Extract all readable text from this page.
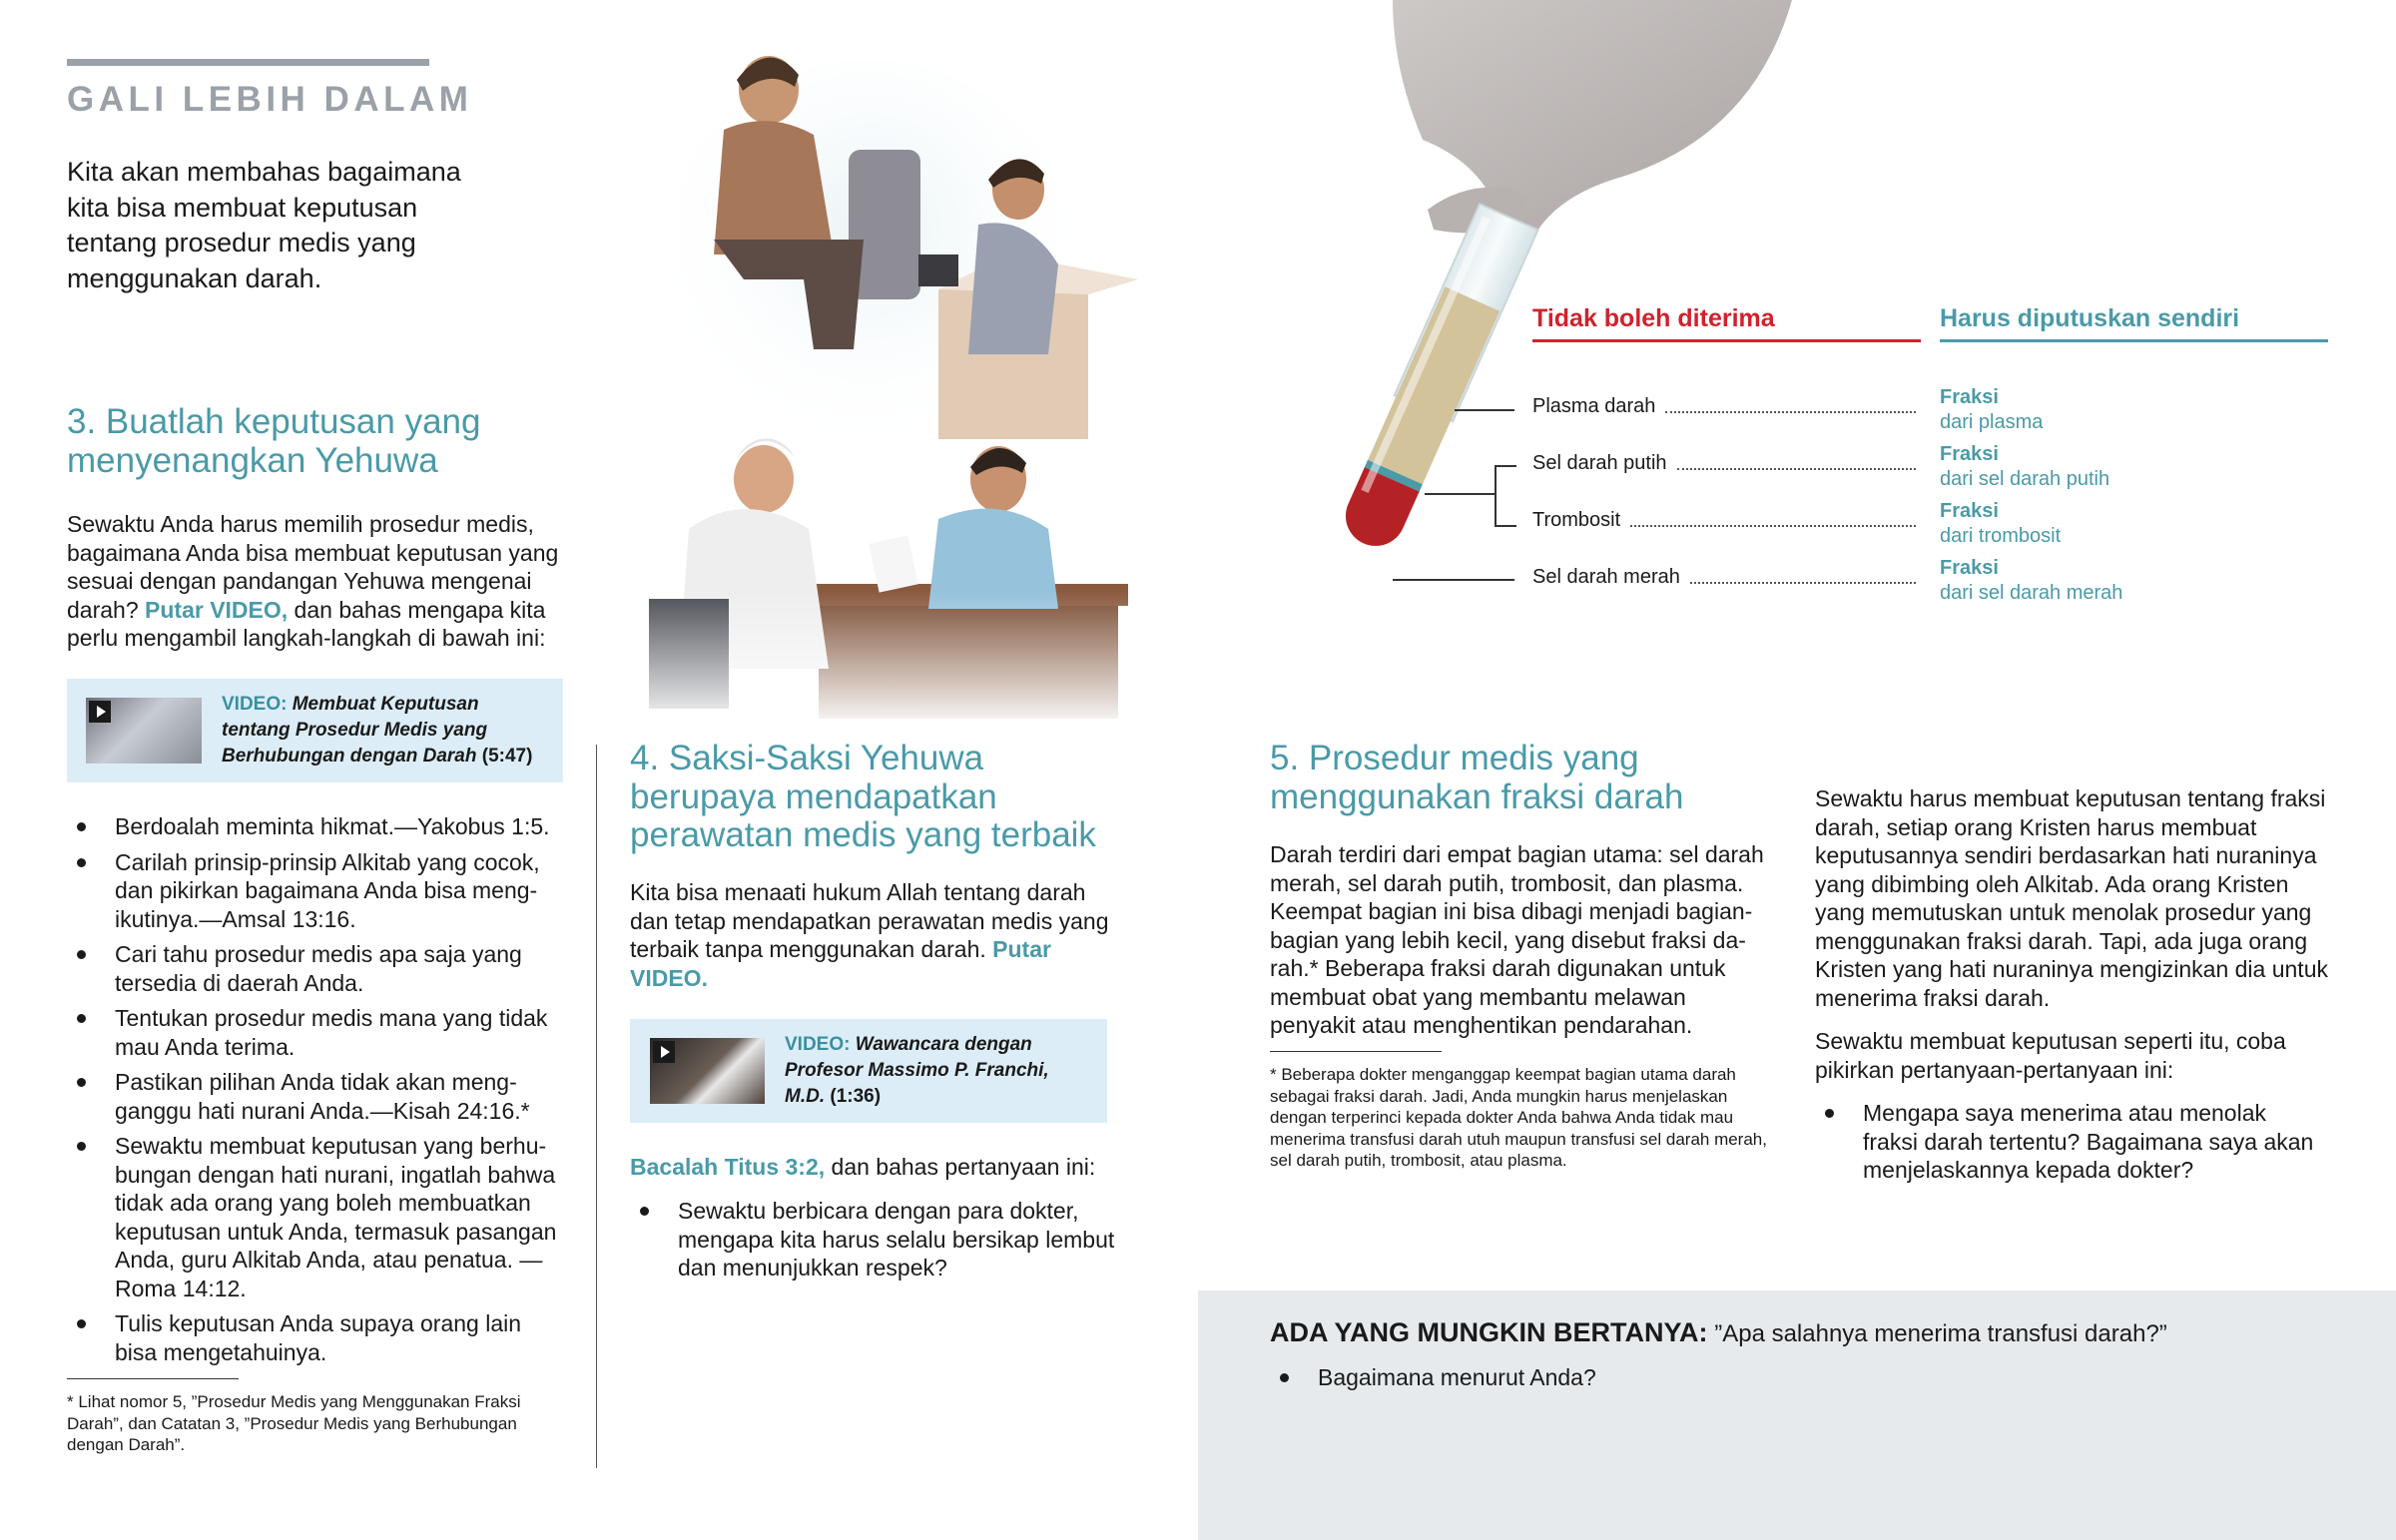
GALI LEBIH DALAM
Kita akan membahas bagaimana kita bisa membuat keputusan tentang prosedur medis yang menggunakan darah.
3. Buatlah keputusan yang menyenangkan Yehuwa
Sewaktu Anda harus memilih prosedur medis, bagaimana Anda bisa membuat keputusan yang sesuai dengan pandangan Yehuwa mengenai darah? Putar VIDEO, dan bahas mengapa kita perlu mengambil langkah-langkah di bawah ini:
VIDEO: Membuat Keputusan tentang Prosedur Medis yang Berhubungan dengan Darah (5:47)
Berdoalah meminta hikmat.—Yakobus 1:5.
Carilah prinsip-prinsip Alkitab yang cocok, dan pikirkan bagaimana Anda bisa meng-ikutinya.—Amsal 13:16.
Cari tahu prosedur medis apa saja yang tersedia di daerah Anda.
Tentukan prosedur medis mana yang tidak mau Anda terima.
Pastikan pilihan Anda tidak akan meng-ganggu hati nurani Anda.—Kisah 24:16.*
Sewaktu membuat keputusan yang berhu-bungan dengan hati nurani, ingatlah bahwa tidak ada orang yang boleh membuatkan keputusan untuk Anda, termasuk pasangan Anda, guru Alkitab Anda, atau penatua. —Roma 14:12.
Tulis keputusan Anda supaya orang lain bisa mengetahuinya.
* Lihat nomor 5, ”Prosedur Medis yang Menggunakan Fraksi Darah”, dan Catatan 3, ”Prosedur Medis yang Berhubungan dengan Darah”.
4. Saksi-Saksi Yehuwa berupaya mendapatkan perawatan medis yang terbaik
Kita bisa menaati hukum Allah tentang darah dan tetap mendapatkan perawatan medis yang terbaik tanpa menggunakan darah. Putar VIDEO.
VIDEO: Wawancara dengan Profesor Massimo P. Franchi, M.D. (1:36)
Bacalah Titus 3:2, dan bahas pertanyaan ini:
Sewaktu berbicara dengan para dokter, mengapa kita harus selalu bersikap lembut dan menunjukkan respek?
Tidak boleh diterima	Harus diputuskan sendiri
Plasma darah
Sel darah putih
Trombosit
Sel darah merah
Fraksi
dari plasma
Fraksi
dari sel darah putih
Fraksi
dari trombosit
Fraksi
dari sel darah merah
5. Prosedur medis yang menggunakan fraksi darah
Darah terdiri dari empat bagian utama: sel darah merah, sel darah putih, trombosit, dan plasma. Keempat bagian ini bisa dibagi menjadi bagian-bagian yang lebih kecil, yang disebut fraksi da-rah.* Beberapa fraksi darah digunakan untuk membuat obat yang membantu melawan penyakit atau menghentikan pendarahan.
* Beberapa dokter menganggap keempat bagian utama darah sebagai fraksi darah. Jadi, Anda mungkin harus menjelaskan dengan terperinci kepada dokter Anda bahwa Anda tidak mau menerima transfusi darah utuh maupun transfusi sel darah merah, sel darah putih, trombosit, atau plasma.
Sewaktu harus membuat keputusan tentang fraksi darah, setiap orang Kristen harus membuat keputusannya sendiri berdasarkan hati nuraninya yang dibimbing oleh Alkitab. Ada orang Kristen yang memutuskan untuk menolak prosedur yang menggunakan fraksi darah. Tapi, ada juga orang Kristen yang hati nuraninya mengizinkan dia untuk menerima fraksi darah.
Sewaktu membuat keputusan seperti itu, coba pikirkan pertanyaan-pertanyaan ini:
Mengapa saya menerima atau menolak fraksi darah tertentu? Bagaimana saya akan menjelaskannya kepada dokter?
ADA YANG MUNGKIN BERTANYA: ”Apa salahnya menerima transfusi darah?”
Bagaimana menurut Anda?
